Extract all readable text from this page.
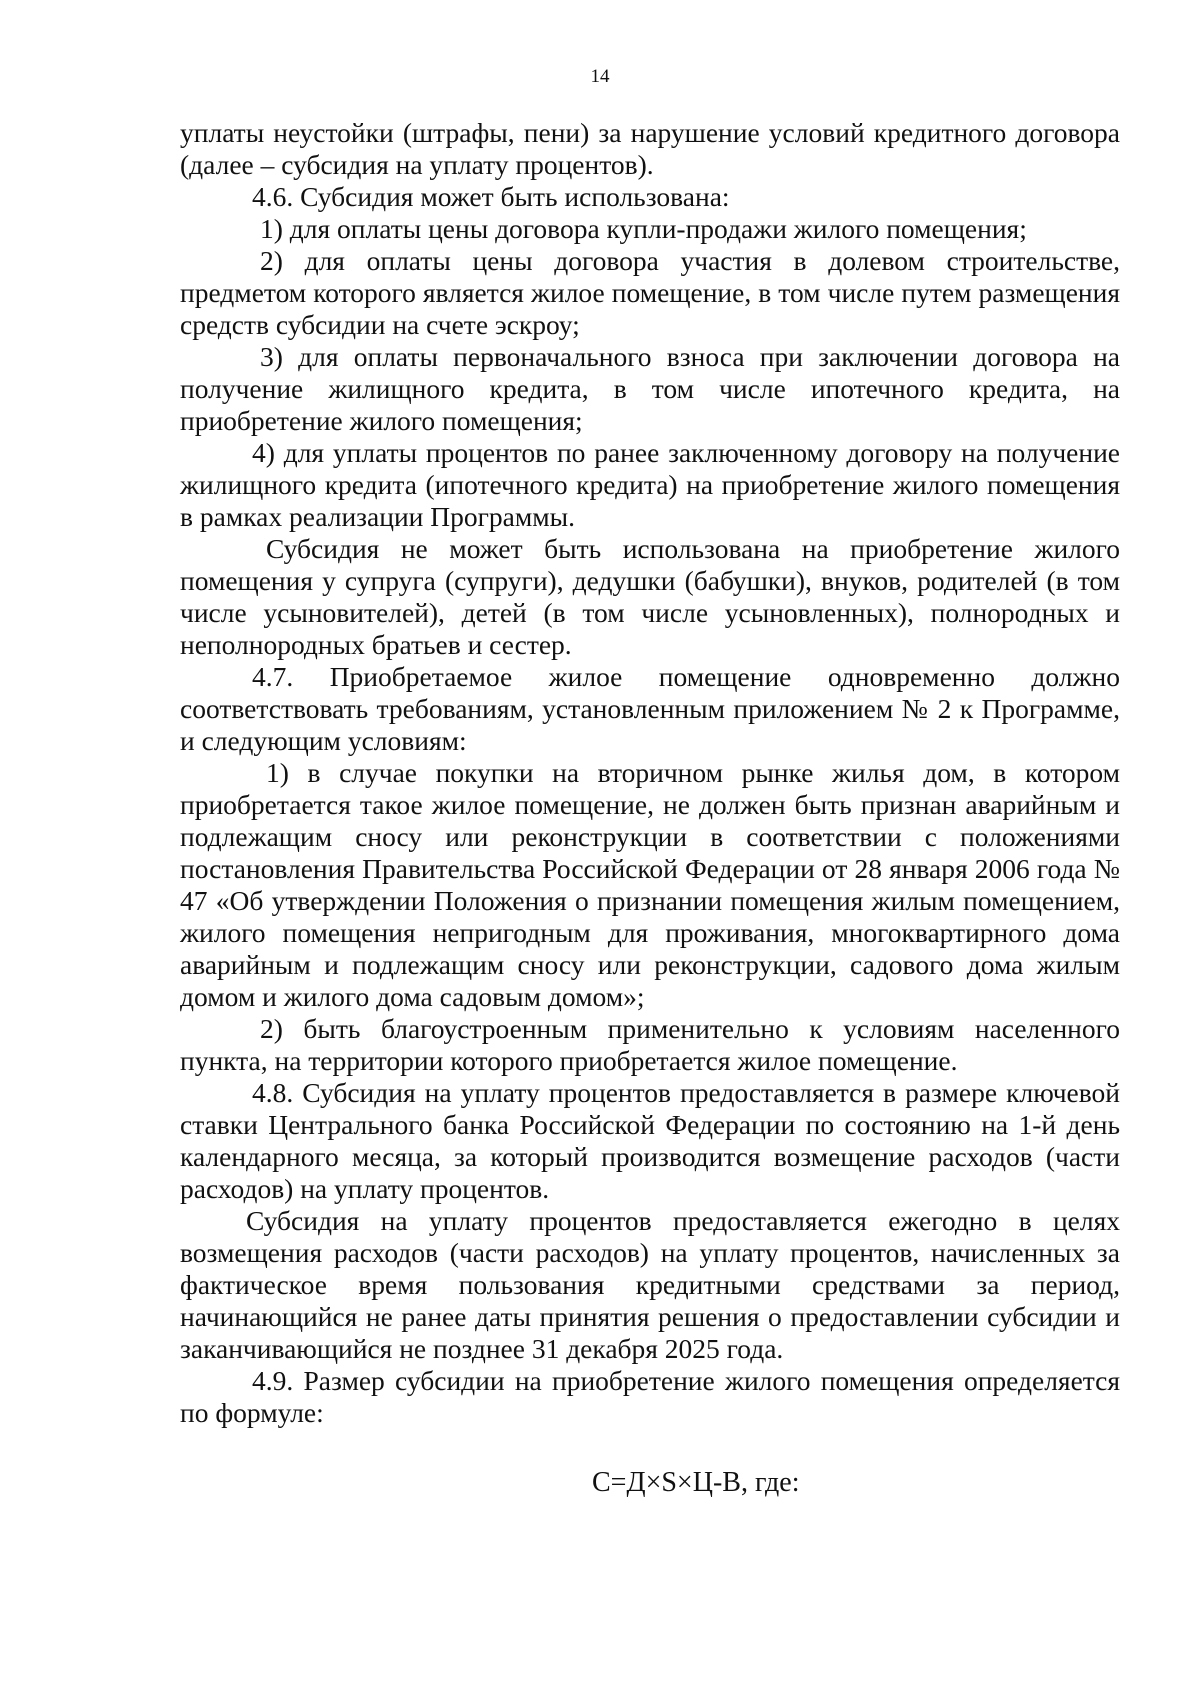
14

уплаты неустойки (штрафы, пени) за нарушение условий кредитного договора (далее – субсидия на уплату процентов).

4.6. Субсидия может быть использована:

1) для оплаты цены договора купли-продажи жилого помещения;

2) для оплаты цены договора участия в долевом строительстве, предметом которого является жилое помещение, в том числе путем размещения средств субсидии на счете эскроу;

3) для оплаты первоначального взноса при заключении договора на получение жилищного кредита, в том числе ипотечного кредита, на приобретение жилого помещения;

4) для уплаты процентов по ранее заключенному договору на получение жилищного кредита (ипотечного кредита) на приобретение жилого помещения в рамках реализации Программы.

Субсидия не может быть использована на приобретение жилого помещения у супруга (супруги), дедушки (бабушки), внуков, родителей (в том числе усыновителей), детей (в том числе усыновленных), полнородных и неполнородных братьев и сестер.

4.7. Приобретаемое жилое помещение одновременно должно соответствовать требованиям, установленным приложением № 2 к Программе, и следующим условиям:

1) в случае покупки на вторичном рынке жилья дом, в котором приобретается такое жилое помещение, не должен быть признан аварийным и подлежащим сносу или реконструкции в соответствии с положениями постановления Правительства Российской Федерации от 28 января 2006 года № 47 «Об утверждении Положения о признании помещения жилым помещением, жилого помещения непригодным для проживания, многоквартирного дома аварийным и подлежащим сносу или реконструкции, садового дома жилым домом и жилого дома садовым домом»;

2) быть благоустроенным применительно к условиям населенного пункта, на территории которого приобретается жилое помещение.

4.8. Субсидия на уплату процентов предоставляется в размере ключевой ставки Центрального банка Российской Федерации по состоянию на 1-й день календарного месяца, за который производится возмещение расходов (части расходов) на уплату процентов.

Субсидия на уплату процентов предоставляется ежегодно в целях возмещения расходов (части расходов) на уплату процентов, начисленных за фактическое время пользования кредитными средствами за период, начинающийся не ранее даты принятия решения о предоставлении субсидии и заканчивающийся не позднее 31 декабря 2025 года.

4.9. Размер субсидии на приобретение жилого помещения определяется по формуле:

С=Д×S×Ц-В, где:
